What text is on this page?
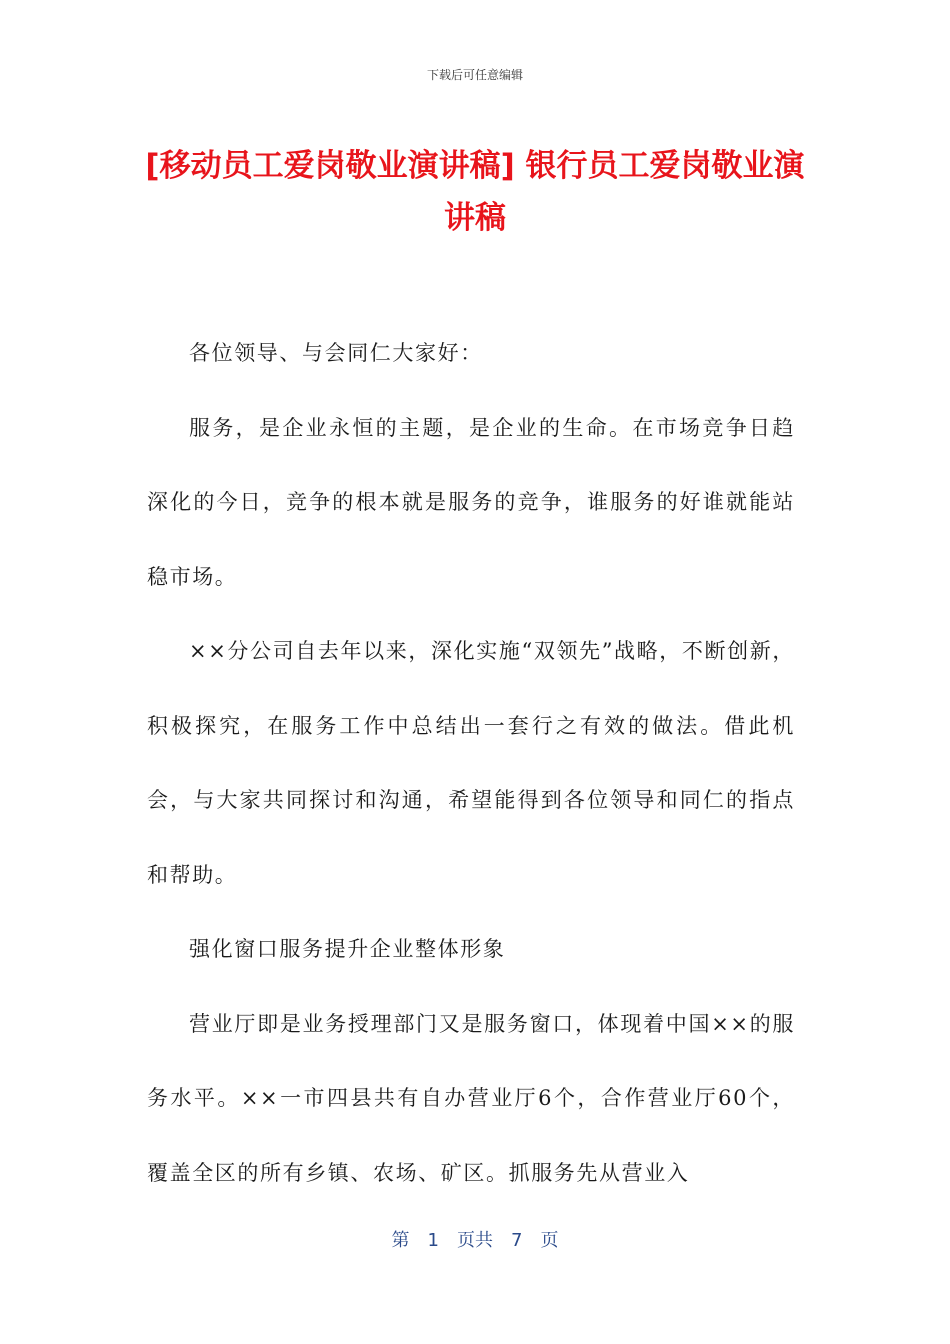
下载后可任意编辑
[移动员工爱岗敬业演讲稿] 银行员工爱岗敬业演讲稿

各位领导、与会同仁大家好：

服务，是企业永恒的主题，是企业的生命。在市场竞争日趋深化的今日，竞争的根本就是服务的竞争，谁服务的好谁就能站稳市场。

××分公司自去年以来，深化实施“双领先”战略，不断创新，积极探究，在服务工作中总结出一套行之有效的做法。借此机会，与大家共同探讨和沟通，希望能得到各位领导和同仁的指点和帮助。

强化窗口服务提升企业整体形象

营业厅即是业务授理部门又是服务窗口，体现着中国××的服务水平。××一市四县共有自办营业厅6个，合作营业厅60个，覆盖全区的所有乡镇、农场、矿区。抓服务先从营业入

第 1 页共 7 页
